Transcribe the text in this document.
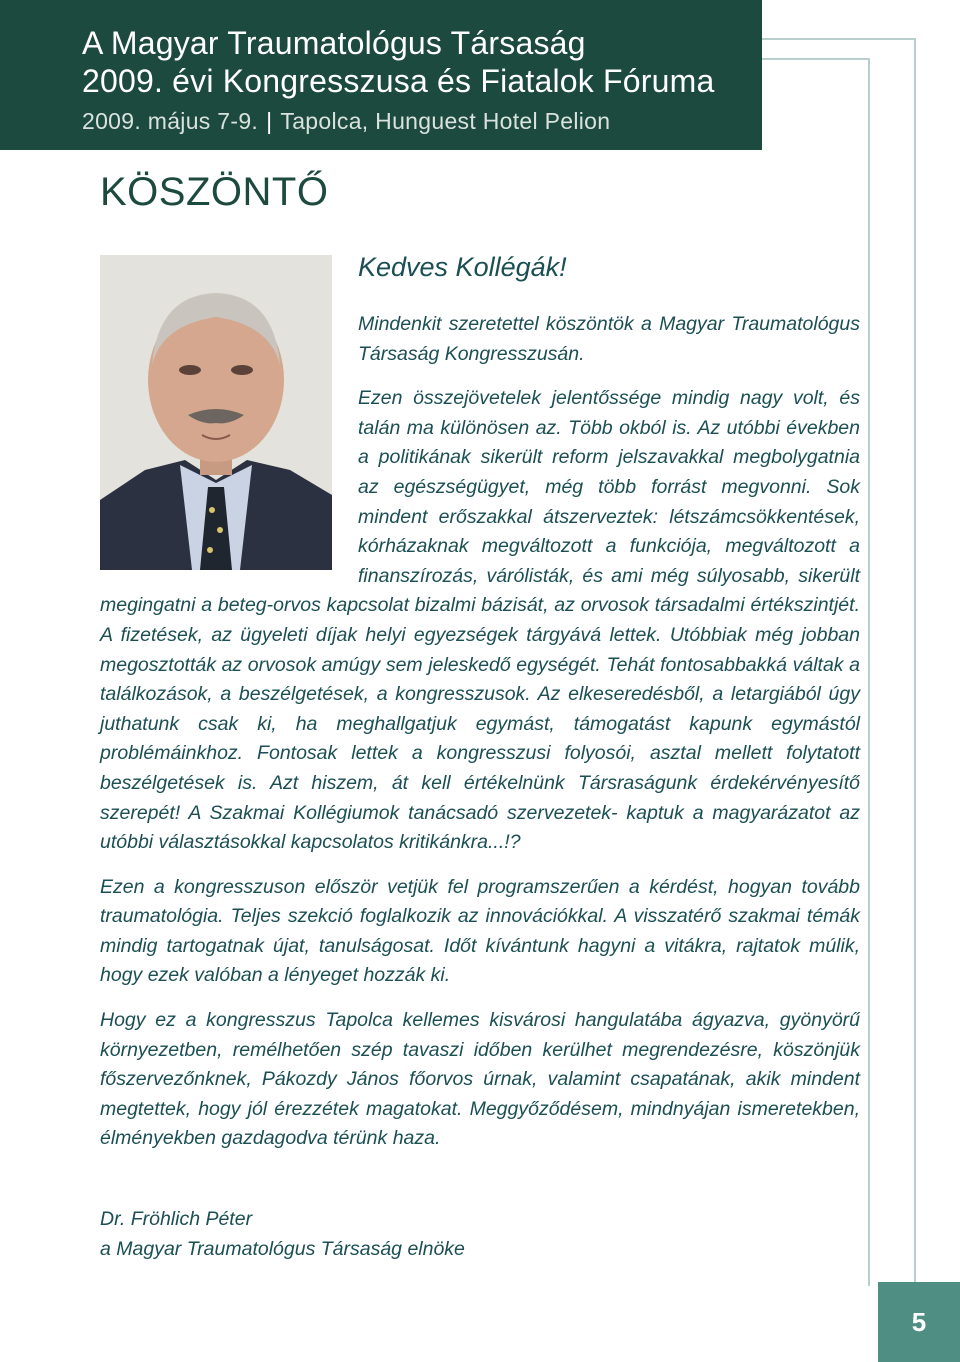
A Magyar Traumatológus Társaság
2009. évi Kongresszusa és Fiatalok Fóruma
2009. május 7-9. | Tapolca, Hunguest Hotel Pelion
KÖSZÖNTŐ
Kedves Kollégák!

Mindenkit szeretettel köszöntök a Magyar Traumatológus Társaság Kongresszusán.

Ezen összejövetelek jelentőssége mindig nagy volt, és talán ma különösen az. Több okból is. Az utóbbi években a politikának sikerült reform jelszavakkal megbolygatnia az egészségügyet, még több forrást megvonni. Sok mindent erőszakkal átszerveztek: létszámcsökkentések, kórházaknak megváltozott a funkciója, megváltozott a finanszírozás, várólisták, és ami még súlyosabb, sikerült megingatni a beteg-orvos kapcsolat bizalmi bázisát, az orvosok társadalmi értékszintjét. A fizetések, az ügyeleti díjak helyi egyezségek tárgyává lettek. Utóbbiak még jobban megosztották az orvosok amúgy sem jeleskedő egységét. Tehát fontosabbakká váltak a találkozások, a beszélgetések, a kongresszusok. Az elkeseredésből, a letargiából úgy juthatunk csak ki, ha meghallgatjuk egymást, támogatást kapunk egymástól problémáinkhoz. Fontosak lettek a kongresszusi folyosói, asztal mellett folytatott beszélgetések is. Azt hiszem, át kell értékelnünk Társraságunk érdekérvényesítő szerepét! A Szakmai Kollégiumok tanácsadó szervezetek- kaptuk a magyarázatot az utóbbi választásokkal kapcsolatos kritikánkra...!?

Ezen a kongresszuson először vetjük fel programszerűen a kérdést, hogyan tovább traumatológia. Teljes szekció foglalkozik az innovációkkal. A visszatérő szakmai témák mindig tartogatnak újat, tanulságosat. Időt kívántunk hagyni a vitákra, rajtatok múlik, hogy ezek valóban a lényeget hozzák ki.

Hogy ez a kongresszus Tapolca kellemes kisvárosi hangulatába ágyazva, gyönyörű környezetben, remélhetően szép tavaszi időben kerülhet megrendezésre, köszönjük főszervezőnknek, Pákozdy János főorvos úrnak, valamint csapatának, akik mindent megtettek, hogy jól érezzétek magatokat. Meggyőződésem, mindnyájan ismeretekben, élményekben gazdagodva térünk haza.

Dr. Fröhlich Péter
a Magyar Traumatológus Társaság elnöke
5
